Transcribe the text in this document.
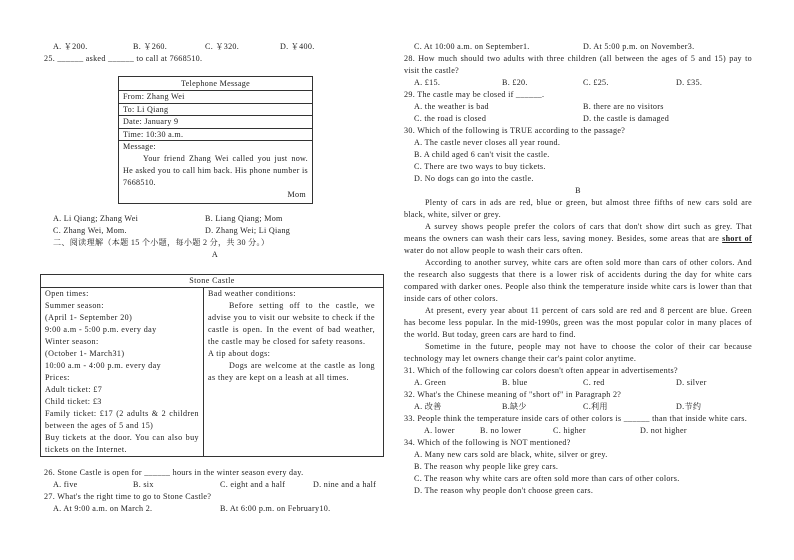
A. ￥200.	B. ￥260.	C. ￥320.	D. ￥400.
25. ______ asked ______ to call at 7668510.
Telephone Message
From: Zhang Wei
To: Li Qiang
Date: January 9
Time: 10:30 a.m.
Message:

Your friend Zhang Wei called you just now. He asked you to call him back. His phone number is 7668510.

Mom
A. Li Qiang; Zhang Wei	B. Liang Qiang; Mom
C. Zhang Wei, Mom.	D. Zhang Wei; Li Qiang
二、阅读理解（本题 15 个小题，每小题 2 分，共 30 分。）
A
Stone Castle
Open times:
Summer season:
(April 1- September 20)
9:00 a.m - 5:00 p.m. every day
Winter season:
(October 1- March31)
10:00 a.m - 4:00 p.m. every day
Prices:
Adult ticket: £7
Child ticket: £3

Family ticket: £17 (2 adults & 2 children between the ages of 5 and 15)

Buy tickets at the door. You can also buy tickets on the Internet.

Bad weather conditions:

Before setting off to the castle, we advise you to visit our website to check if the castle is open. In the event of bad weather, the castle may be closed for safety reasons.

A tip about dogs:

Dogs are welcome at the castle as long as they are kept on a leash at all times.

26. Stone Castle is open for ______ hours in the winter season every day.
A. five	B. six	C. eight and a half	D. nine and a half
27. What's the right time to go to Stone Castle?
A. At 9:00 a.m. on March 2.	B. At 6:00 p.m. on February10.
C. At 10:00 a.m. on September1.	D. At 5:00 p.m. on November3.

28. How much should two adults with three children (all between the ages of 5 and 15) pay to visit the castle?

A. £15.	B. £20.	C. £25.	D. £35.
29. The castle may be closed if ______.
A. the weather is bad	B. there are no visitors
C. the road is closed	D. the castle is damaged
30. Which of the following is TRUE according to the passage?
A. The castle never closes all year round.
B. A child aged 6 can't visit the castle.
C. There are two ways to buy tickets.
D. No dogs can go into the castle.
B

Plenty of cars in ads are red, blue or green, but almost three fifths of new cars sold are black, white, silver or grey.

A survey shows people prefer the colors of cars that don't show dirt such as grey. That means the owners can wash their cars less, saving money. Besides, some areas that are short of water do not allow people to wash their cars often.

According to another survey, white cars are often sold more than cars of other colors. And the research also suggests that there is a lower risk of accidents during the day for white cars compared with darker ones. People also think the temperature inside white cars is lower than that inside cars of other colors.

At present, every year about 11 percent of cars sold are red and 8 percent are blue. Green has become less popular. In the mid-1990s, green was the most popular color in many places of the world. But today, green cars are hard to find.

Sometime in the future, people may not have to choose the color of their car because technology may let owners change their car's paint color anytime.

31. Which of the following car colors doesn't often appear in advertisements?
A. Green	B. blue	C. red	D. silver
32. What's the Chinese meaning of "short of" in Paragraph 2?
A. 改善	B.缺少	C.利用	D.节约

33. People think the temperature inside cars of other colors is ______ than that inside white cars.

A. lower	B. no lower	C. higher	D. not higher
34. Which of the following is NOT mentioned?
A. Many new cars sold are black, white, silver or grey.
B. The reason why people like grey cars.
C. The reason why white cars are often sold more than cars of other colors.
D. The reason why people don't choose green cars.
